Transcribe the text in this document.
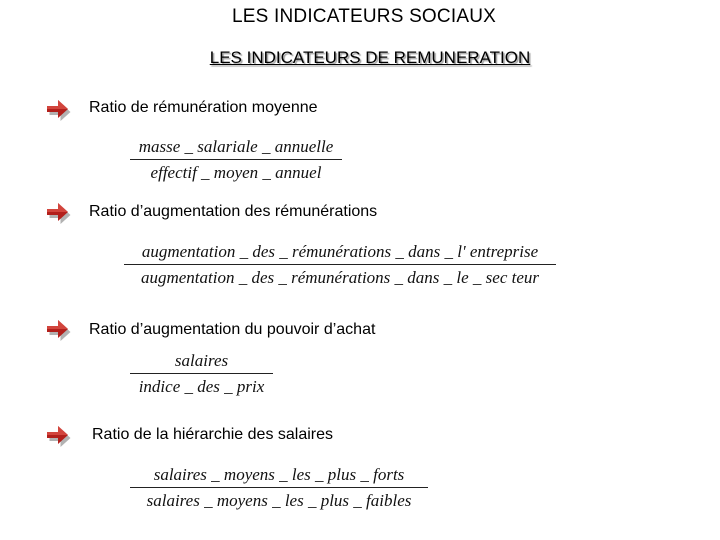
LES INDICATEURS SOCIAUX
LES INDICATEURS DE REMUNERATION
Ratio de rémunération moyenne
masse _ salariale _ annuelle
effectif _ moyen _ annuel
Ratio d’augmentation des rémunérations
augmentation _ des _ rémunérations _ dans _ l' entreprise
augmentation _ des _ rémunérations _ dans _ le _ sec teur
Ratio d’augmentation du pouvoir d’achat
salaires
indice _ des _ prix
Ratio de la hiérarchie des salaires
salaires _ moyens _ les _ plus _ forts
salaires _ moyens _ les _ plus _ faibles
